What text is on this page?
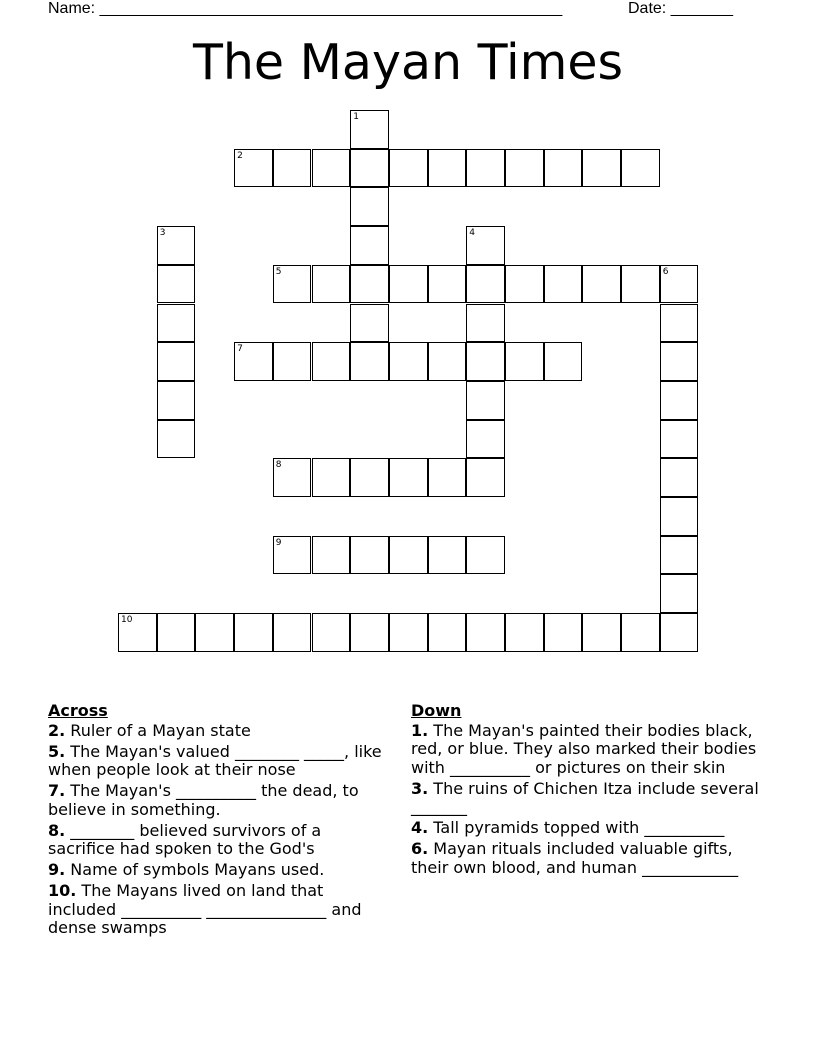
Name: ____________________________________________________

	Date: _______

The Mayan Times
2
5	6
7
8
9
10
1
3	4
Across
2. Ruler of a Mayan state
5. The Mayan's valued ________ _____, like when people look at their nose
7. The Mayan's __________ the dead, to believe in something.
8. ________ believed survivors of a sacrifice had spoken to the God's
9. Name of symbols Mayans used.
10. The Mayans lived on land that included __________ _______________ and dense swamps
Down
1. The Mayan's painted their bodies black, red, or blue. They also marked their bodies with __________ or pictures on their skin
3. The ruins of Chichen Itza include several _______
4. Tall pyramids topped with __________
6. Mayan rituals included valuable gifts, their own blood, and human ____________
